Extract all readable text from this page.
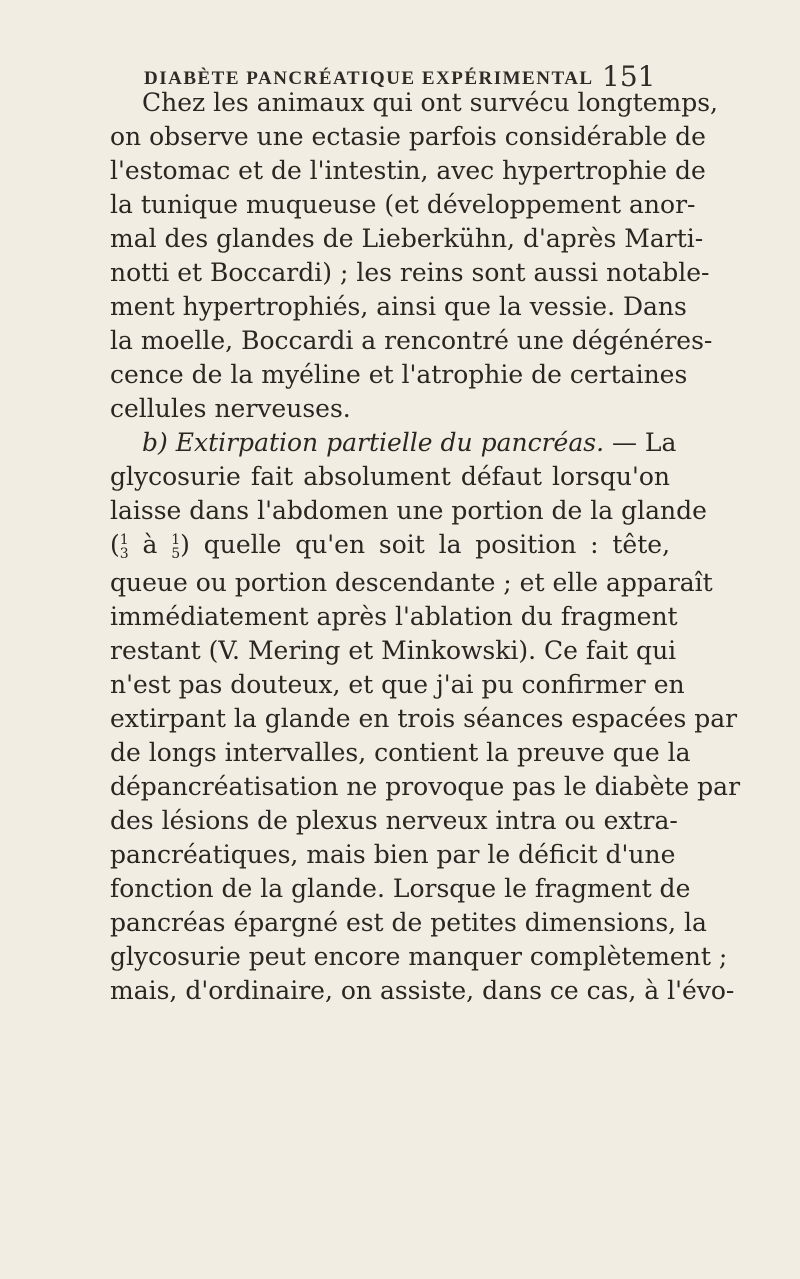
DIABÈTE PANCRÉATIQUE EXPÉRIMENTAL 151
Chez les animaux qui ont survécu longtemps,
on observe une ectasie parfois considérable de
l'estomac et de l'intestin, avec hypertrophie de
la tunique muqueuse (et développement anor-
mal des glandes de Lieberkühn, d'après Marti-
notti et Boccardi) ; les reins sont aussi notable-
ment hypertrophiés, ainsi que la vessie. Dans
la moelle, Boccardi a rencontré une dégénéres-
cence de la myéline et l'atrophie de certaines
cellules nerveuses.
b) Extirpation partielle du pancréas. — La
glycosurie fait absolument défaut lorsqu'on
laisse dans l'abdomen une portion de la glande
( 1
3 à 1
5 ) quelle qu'en soit la position : tête,
queue ou portion descendante ; et elle apparaît
immédiatement après l'ablation du fragment
restant (V. Mering et Minkowski). Ce fait qui
n'est pas douteux, et que j'ai pu confirmer en
extirpant la glande en trois séances espacées par
de longs intervalles, contient la preuve que la
dépancréatisation ne provoque pas le diabète par
des lésions de plexus nerveux intra ou extra-
pancréatiques, mais bien par le déficit d'une
fonction de la glande. Lorsque le fragment de
pancréas épargné est de petites dimensions, la
glycosurie peut encore manquer complètement ;
mais, d'ordinaire, on assiste, dans ce cas, à l'évo-
